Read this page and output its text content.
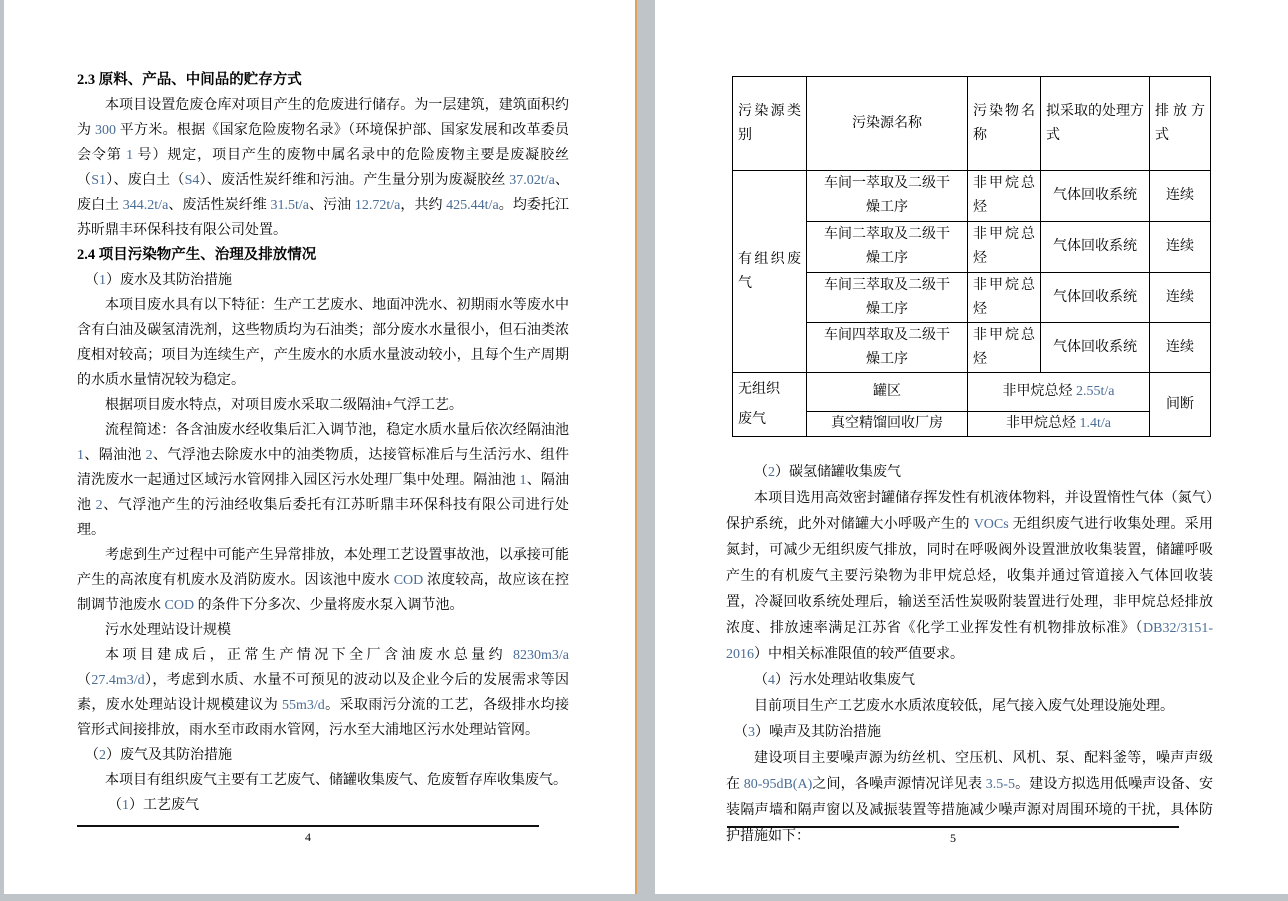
2.3 原料、产品、中间品的贮存方式

本项目设置危废仓库对项目产生的危废进行储存。为一层建筑，建筑面积约为 300 平方米。根据《国家危险废物名录》（环境保护部、国家发展和改革委员会令第 1 号）规定，项目产生的废物中属名录中的危险废物主要是废凝胶丝（S1）、废白土（S4）、废活性炭纤维和污油。产生量分别为废凝胶丝 37.02t/a、废白土 344.2t/a、废活性炭纤维 31.5t/a、污油 12.72t/a，共约 425.44t/a。均委托江苏昕鼎丰环保科技有限公司处置。

2.4 项目污染物产生、治理及排放情况

（1）废水及其防治措施

本项目废水具有以下特征：生产工艺废水、地面冲洗水、初期雨水等废水中含有白油及碳氢清洗剂，这些物质均为石油类；部分废水水量很小，但石油类浓度相对较高；项目为连续生产，产生废水的水质水量波动较小，且每个生产周期的水质水量情况较为稳定。

根据项目废水特点，对项目废水采取二级隔油+气浮工艺。

流程简述：各含油废水经收集后汇入调节池，稳定水质水量后依次经隔油池 1、隔油池 2、气浮池去除废水中的油类物质，达接管标准后与生活污水、组件清洗废水一起通过区域污水管网排入园区污水处理厂集中处理。隔油池 1、隔油池 2、气浮池产生的污油经收集后委托有江苏昕鼎丰环保科技有限公司进行处理。

考虑到生产过程中可能产生异常排放，本处理工艺设置事故池，以承接可能产生的高浓度有机废水及消防废水。因该池中废水 COD 浓度较高，故应该在控制调节池废水 COD 的条件下分多次、少量将废水泵入调节池。

污水处理站设计规模

本项目建成后，正常生产情况下全厂含油废水总量约 8230m3/a（27.4m3/d），考虑到水质、水量不可预见的波动以及企业今后的发展需求等因素，废水处理站设计规模建议为 55m3/d。采取雨污分流的工艺，各级排水均接管形式间接排放，雨水至市政雨水管网，污水至大浦地区污水处理站管网。

（2）废气及其防治措施

本项目有组织废气主要有工艺废气、储罐收集废气、危废暂存库收集废气。

（1）工艺废气

4
污染源类别	污染源名称	污染物名称	拟采取的处理方式	排放方式
有组织废气	车间一萃取及二级干燥工序	非甲烷总烃	气体回收系统	连续
	车间二萃取及二级干燥工序	非甲烷总烃	气体回收系统	连续
	车间三萃取及二级干燥工序	非甲烷总烃	气体回收系统	连续
	车间四萃取及二级干燥工序	非甲烷总烃	气体回收系统	连续
无组织废气	罐区	非甲烷总烃 2.55t/a		间断
	真空精馏回收厂房	非甲烷总烃 1.4t/a		

（2）碳氢储罐收集废气

本项目选用高效密封罐储存挥发性有机液体物料，并设置惰性气体（氮气）保护系统，此外对储罐大小呼吸产生的 VOCs 无组织废气进行收集处理。采用氮封，可减少无组织废气排放，同时在呼吸阀外设置泄放收集装置，储罐呼吸产生的有机废气主要污染物为非甲烷总烃，收集并通过管道接入气体回收装置，冷凝回收系统处理后，输送至活性炭吸附装置进行处理，非甲烷总烃排放浓度、排放速率满足江苏省《化学工业挥发性有机物排放标准》（DB32/3151-2016）中相关标准限值的较严值要求。

（4）污水处理站收集废气

目前项目生产工艺废水水质浓度较低，尾气接入废气处理设施处理。

（3）噪声及其防治措施

建设项目主要噪声源为纺丝机、空压机、风机、泵、配料釜等，噪声声级在 80-95dB(A)之间，各噪声源情况详见表 3.5-5。建设方拟选用低噪声设备、安装隔声墙和隔声窗以及减振装置等措施减少噪声源对周围环境的干扰，具体防护措施如下：	5
